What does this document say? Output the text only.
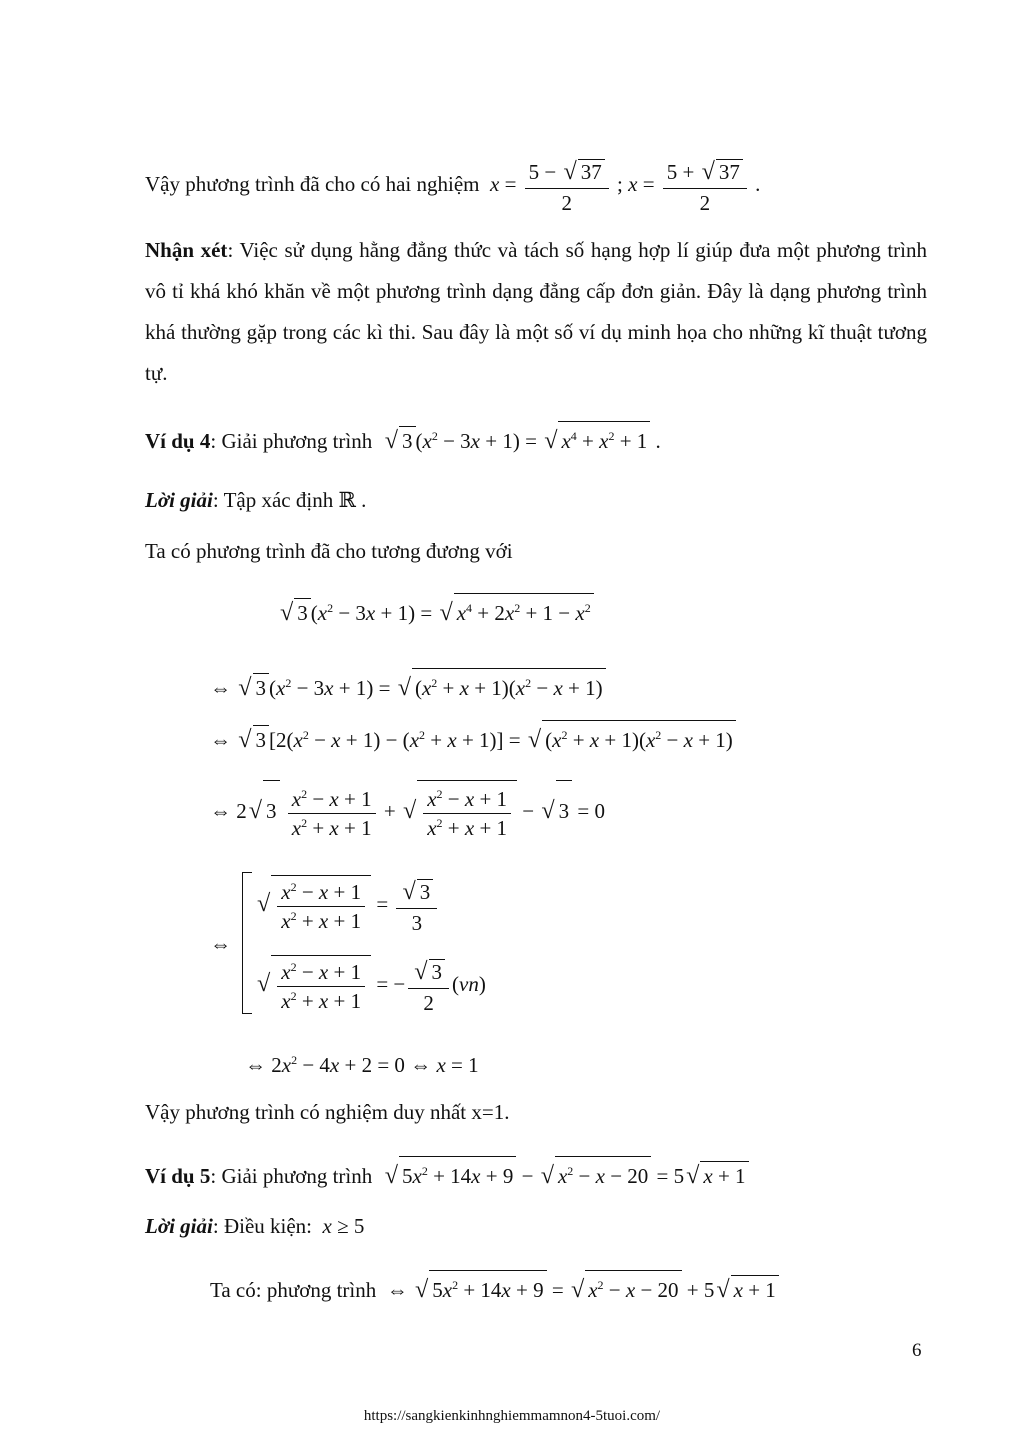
Vậy phương trình đã cho có hai nghiệm $x = \frac{5 - √ 37}{2}$ ; $x = \frac{5 + √ 37}{2}$ .
Nhận xét: Việc sử dụng hằng đẳng thức và tách số hạng hợp lí giúp đưa một phương trình vô tỉ khá khó khăn về một phương trình dạng đẳng cấp đơn giản. Đây là dạng phương trình khá thường gặp trong các kì thi. Sau đây là một số ví dụ minh họa cho những kĩ thuật tương tự.
Ví dụ 4: Giải phương trình √ 3 $(x^2 - 3x + 1)$ = √ $x^4 + x^2 + 1$ .
Lời giải: Tập xác định ℝ .
Ta có phương trình đã cho tương đương với
√ 3 $(x^2 - 3x + 1)$ = √ $x^4 + 2x^2 + 1 - x^2$
⇔ √ 3 $(x^2 - 3x + 1)$ = √ $(x^2 + x + 1)(x^2 - x + 1)$
⇔ √ 3 $[2(x^2 - x + 1) - (x^2 + x + 1)]$ = √ $(x^2 + x + 1)(x^2 - x + 1)$
⇔ 2√ $3 \frac{x^2 - x + 1}{x^2 + x + 1}$ + √ $\frac{x^2 - x + 1}{x^2 + x + 1}$ − √ 3 = 0
⇔
√ $\frac{x^2 - x + 1}{x^2 + x + 1} = \frac{√ 3}{3}$
√ $\frac{x^2 - x + 1}{x^2 + x + 1}$ = − $\frac{√ 3}{2} (vn)$
⇔ $2x^2 - 4x + 2 = 0$ ⇔ x = 1
Vậy phương trình có nghiệm duy nhất x=1.
Ví dụ 5: Giải phương trình √ $5x^2 + 14x + 9$ − √ $x^2 - x - 20 = 5√$ x + 1
Lời giải: Điều kiện: x ≥ 5
Ta có: phương trình  ⇔ √ $5x^2 + 14x + 9$ = √ $x^2 - x - 20 + 5√$ x + 1
6
https://sangkienkinhnghiemmamnon4-5tuoi.com/
